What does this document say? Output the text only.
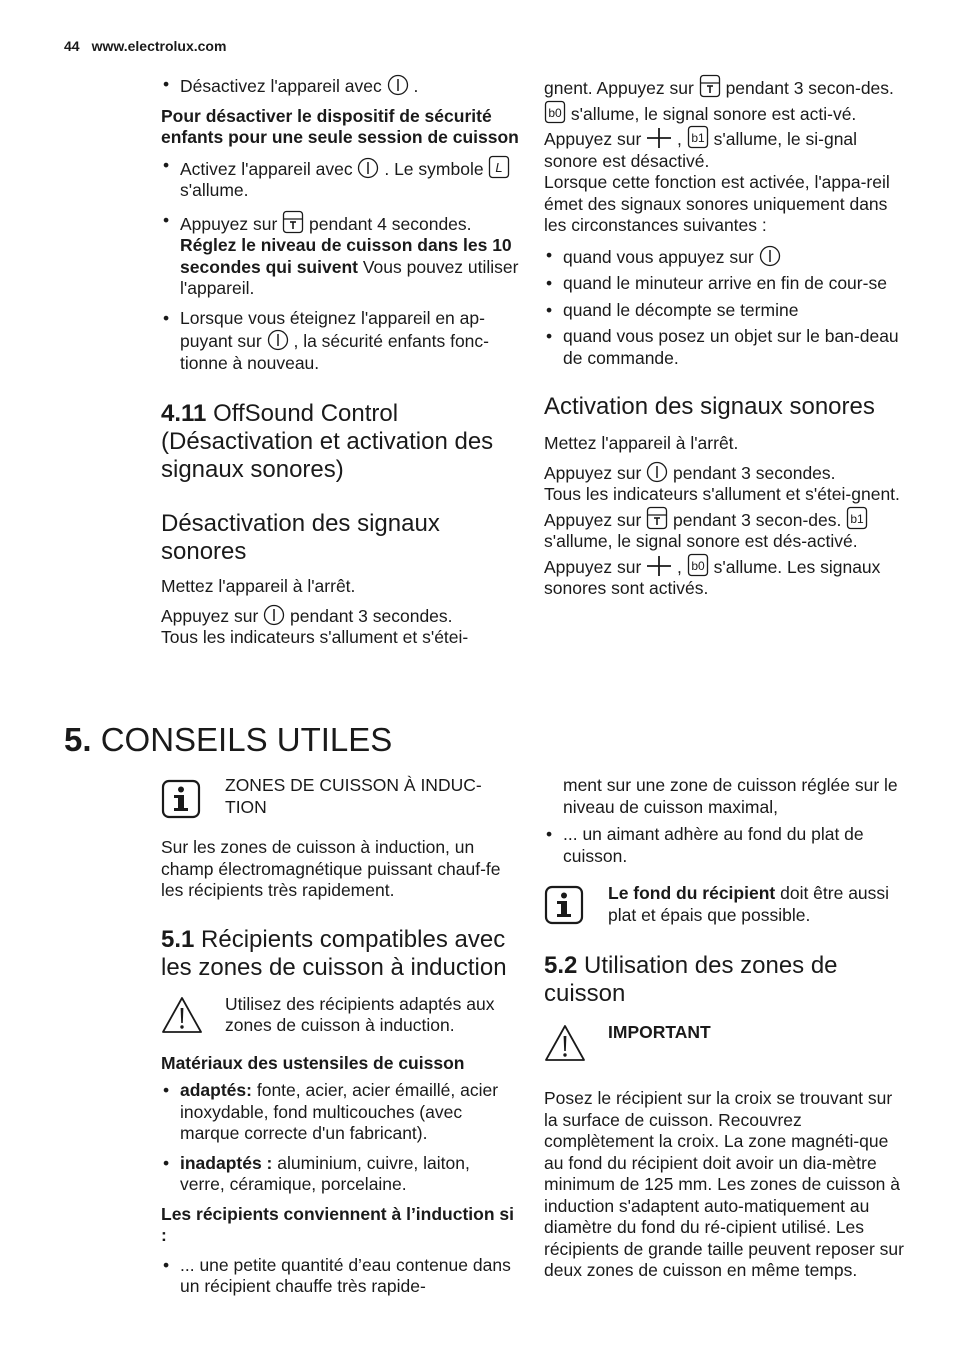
44 www.electrolux.com
• Désactivez l'appareil avec .

Pour désactiver le dispositif de sécurité enfants pour une seule session de cuisson

• Activez l'appareil avec . Le symbole L
s'allume.
• Appuyez sur pendant 4 secondes. Réglez le niveau de cuisson dans les 10 secondes qui suivent Vous pouvez utiliser l'appareil.
• Lorsque vous éteignez l'appareil en ap-puyant sur , la sécurité enfants fonc-tionne à nouveau.
4.11 OffSound Control (Désactivation et activation des signaux sonores)
Désactivation des signaux sonores

Mettez l'appareil à l'arrêt.

Appuyez sur pendant 3 secondes.

Tous les indicateurs s'allument et s'étei-

gnent. Appuyez sur pendant 3 secon-des.
b0 s'allume, le signal sonore est acti-vé. Appuyez sur , b1 s'allume, le si-gnal sonore est désactivé.

Lorsque cette fonction est activée, l'appa-reil émet des signaux sonores uniquement dans les circonstances suivantes :

• quand vous appuyez sur
• quand le minuteur arrive en fin de cour-se
• quand le décompte se termine
• quand vous posez un objet sur le ban-deau de commande.
Activation des signaux sonores

Mettez l'appareil à l'arrêt.

Appuyez sur pendant 3 secondes.

Tous les indicateurs s'allument et s'étei-gnent. Appuyez sur pendant 3 secon-des. b1
s'allume, le signal sonore est dés-activé. Appuyez sur , b0 s'allume. Les signaux sonores sont activés.

5. CONSEILS UTILES

ZONES DE CUISSON À INDUC-TION

Sur les zones de cuisson à induction, un champ électromagnétique puissant chauf-fe les récipients très rapidement.

5.1 Récipients compatibles avec les zones de cuisson à induction

Utilisez des récipients adaptés aux zones de cuisson à induction.

Matériaux des ustensiles de cuisson

• adaptés: fonte, acier, acier émaillé, acier inoxydable, fond multicouches (avec marque correcte d'un fabricant).
• inadaptés : aluminium, cuivre, laiton, verre, céramique, porcelaine.

Les récipients conviennent à l’induction si :

• ... une petite quantité d’eau contenue dans un récipient chauffe très rapide-
ment sur une zone de cuisson réglée sur le niveau de cuisson maximal,
• ... un aimant adhère au fond du plat de cuisson.

Le fond du récipient doit être aussi plat et épais que possible.

5.2 Utilisation des zones de cuisson

IMPORTANT

Posez le récipient sur la croix se trouvant sur la surface de cuisson. Recouvrez complètement la croix. La zone magnéti-que au fond du récipient doit avoir un dia-mètre minimum de 125 mm. Les zones de cuisson à induction s'adaptent auto-matiquement au diamètre du fond du ré-cipient utilisé. Les récipients de grande taille peuvent reposer sur deux zones de cuisson en même temps.
